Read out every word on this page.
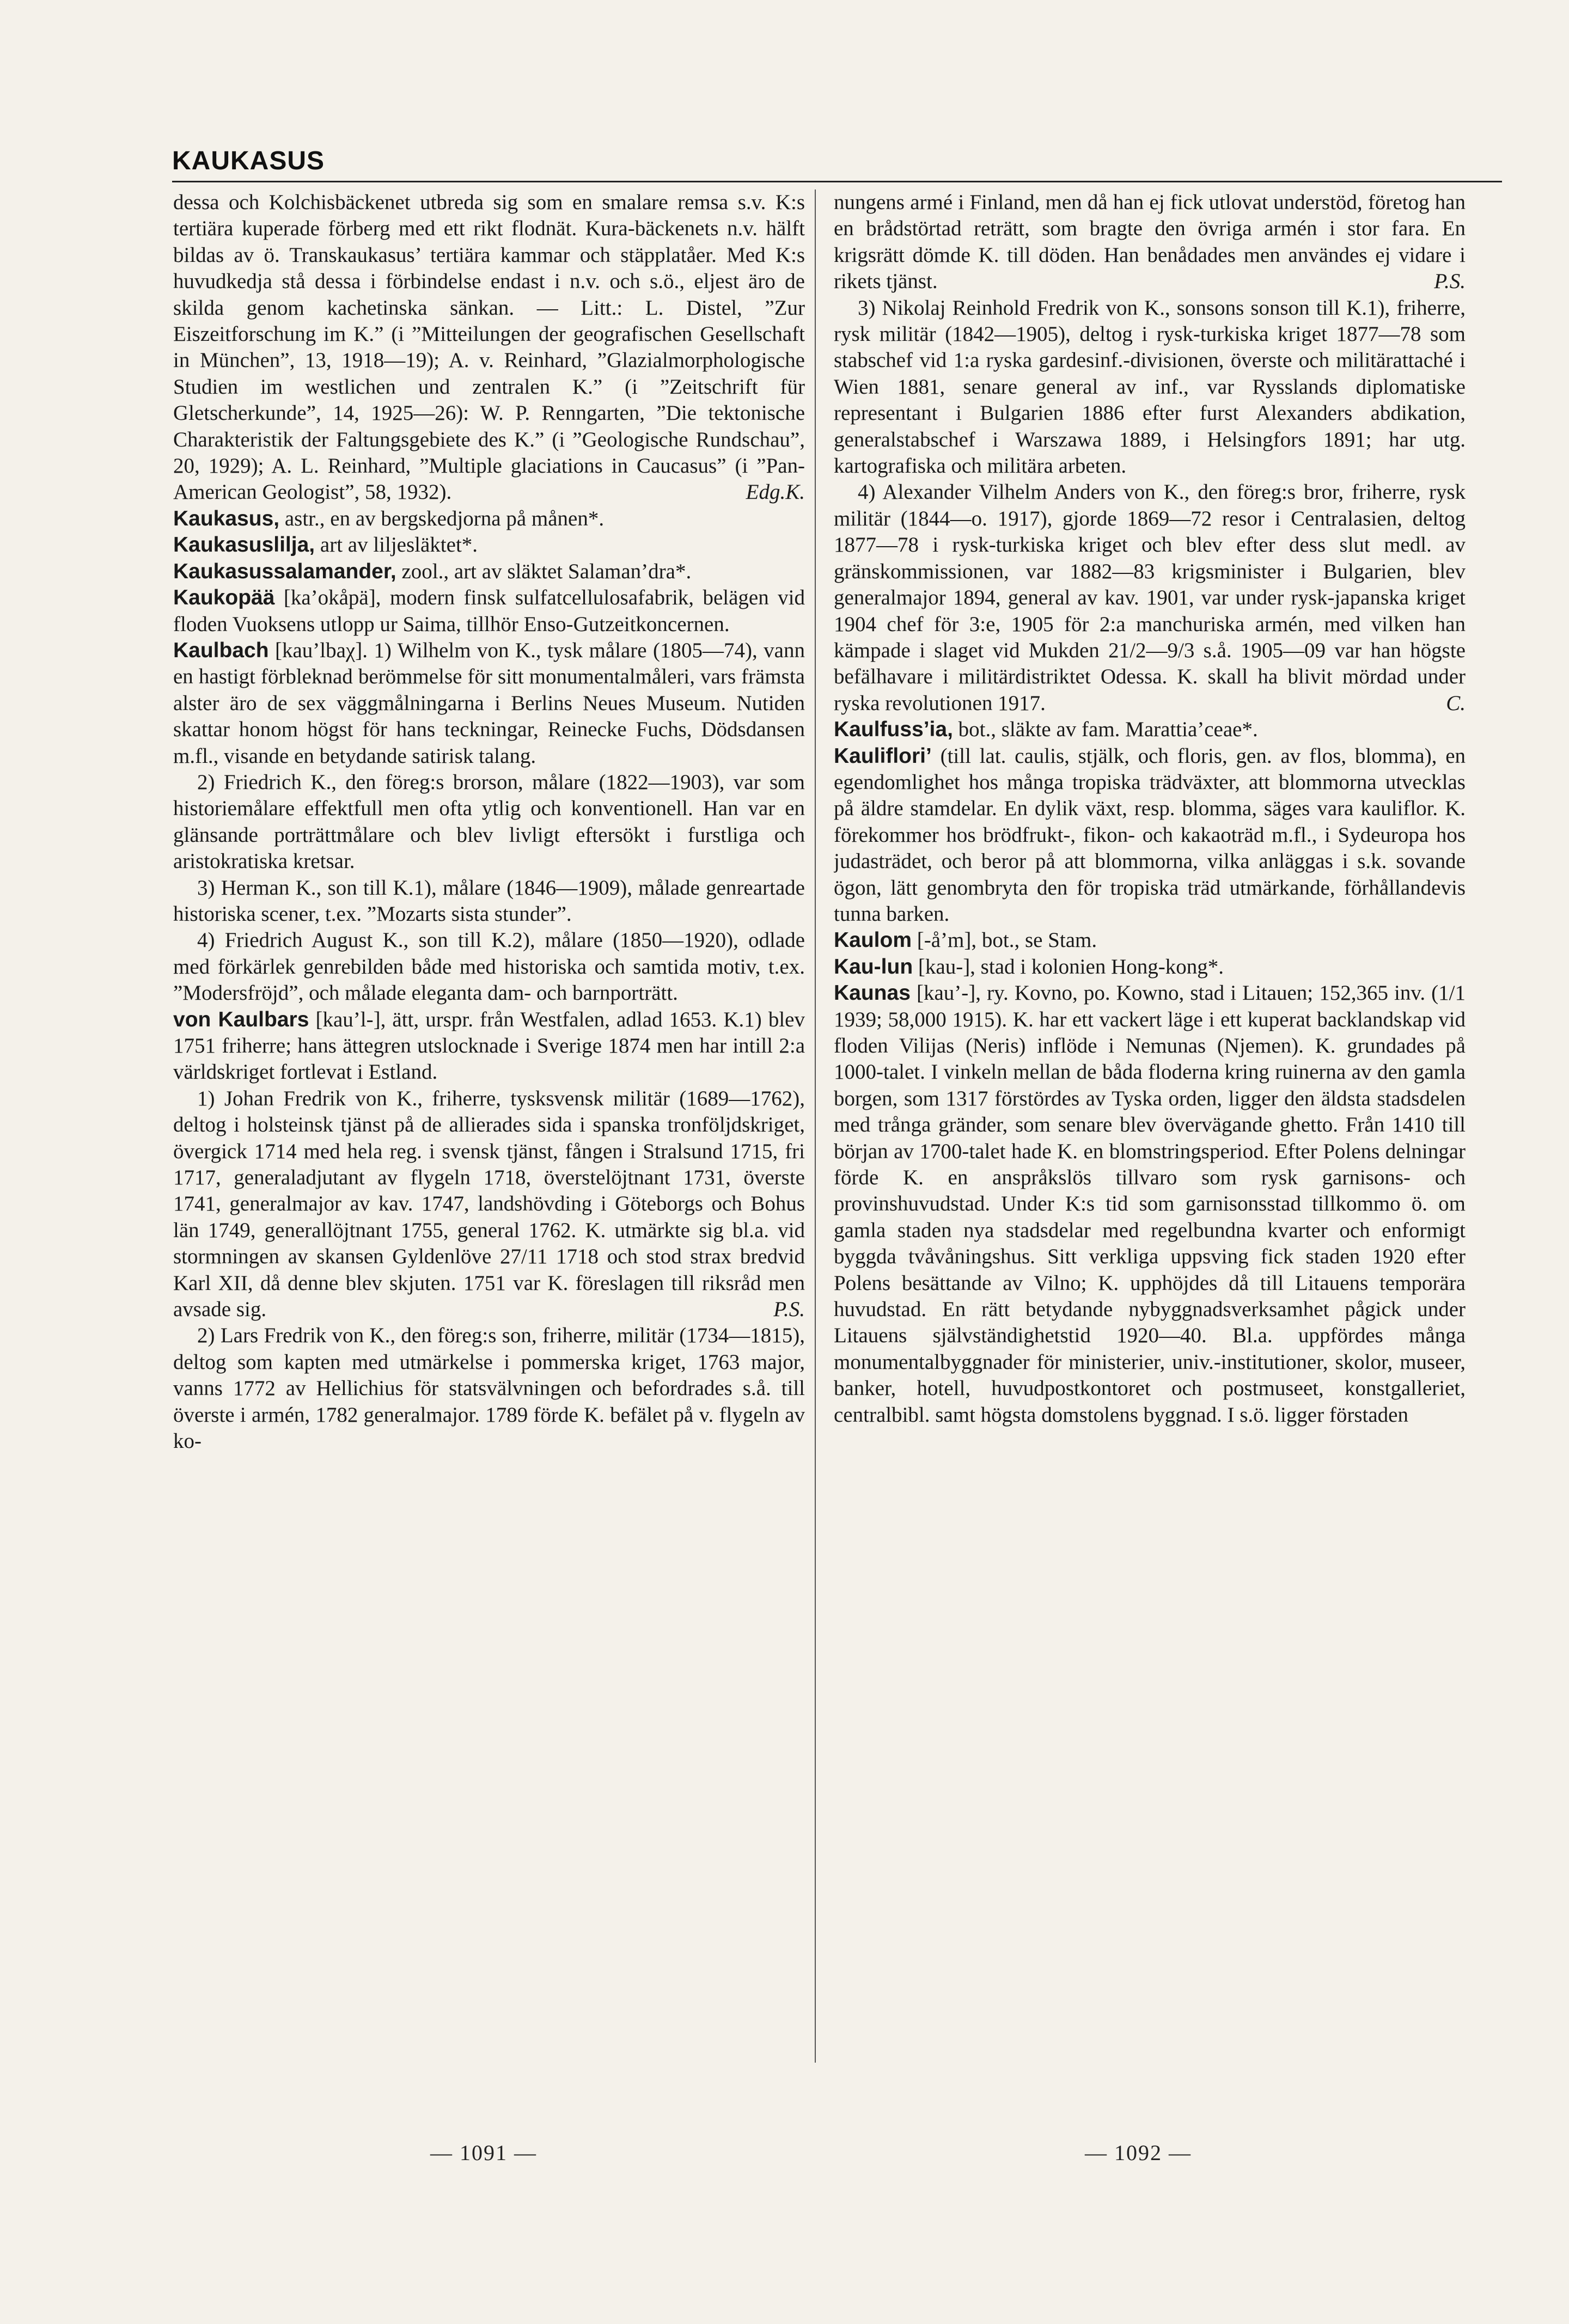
KAUKASUS

dessa och Kolchisbäckenet utbreda sig som en smalare remsa s.v. K:s tertiära kuperade förberg med ett rikt flodnät. Kura-bäckenets n.v. hälft bildas av ö. Transkaukasus’ tertiära kammar och stäpplatåer. Med K:s huvudkedja stå dessa i förbindelse endast i n.v. och s.ö., eljest äro de skilda genom kachetinska sänkan. — Litt.: L. Distel, ”Zur Eiszeitforschung im K.” (i ”Mitteilungen der geografischen Gesellschaft in München”, 13, 1918—19); A. v. Reinhard, ”Glazialmorphologische Studien im westlichen und zentralen K.” (i ”Zeitschrift für Gletscherkunde”, 14, 1925—26): W. P. Renngarten, ”Die tektonische Charakteristik der Faltungsgebiete des K.” (i ”Geologische Rundschau”, 20, 1929); A. L. Reinhard, ”Multiple glaciations in Caucasus” (i ”Pan-American Geologist”, 58, 1932).	Edg.K.

Kaukasus, astr., en av bergskedjorna på månen*.

Kaukasuslilja, art av liljesläktet*.

Kaukasussalamander, zool., art av släktet Salaman’dra*.

Kaukopää [ka’okåpä], modern finsk sulfatcellulosafabrik, belägen vid floden Vuoksens utlopp ur Saima, tillhör Enso-Gutzeitkoncernen.

Kaulbach [kau’lbaχ]. 1) Wilhelm von K., tysk målare (1805—74), vann en hastigt förbleknad berömmelse för sitt monumentalmåleri, vars främsta alster äro de sex väggmålningarna i Berlins Neues Museum. Nutiden skattar honom högst för hans teckningar, Reinecke Fuchs, Dödsdansen m.fl., visande en betydande satirisk talang.

2) Friedrich K., den föreg:s brorson, målare (1822—1903), var som historiemålare effektfull men ofta ytlig och konventionell. Han var en glänsande porträttmålare och blev livligt eftersökt i furstliga och aristokratiska kretsar.

3) Herman K., son till K.1), målare (1846—1909), målade genreartade historiska scener, t.ex. ”Mozarts sista stunder”.

4) Friedrich August K., son till K.2), målare (1850—1920), odlade med förkärlek genrebilden både med historiska och samtida motiv, t.ex. ”Modersfröjd”, och målade eleganta dam- och barnporträtt.

von Kaulbars [kau’l-], ätt, urspr. från Westfalen, adlad 1653. K.1) blev 1751 friherre; hans ättegren utslocknade i Sverige 1874 men har intill 2:a världskriget fortlevat i Estland.

1) Johan Fredrik von K., friherre, tysksvensk militär (1689—1762), deltog i holsteinsk tjänst på de allierades sida i spanska tronföljdskriget, övergick 1714 med hela reg. i svensk tjänst, fången i Stralsund 1715, fri 1717, generaladjutant av flygeln 1718, överstelöjtnant 1731, överste 1741, generalmajor av kav. 1747, landshövding i Göteborgs och Bohus län 1749, generallöjtnant 1755, general 1762. K. utmärkte sig bl.a. vid stormningen av skansen Gyldenlöve 27/11 1718 och stod strax bredvid Karl XII, då denne blev skjuten. 1751 var K. föreslagen till riksråd men avsade sig.	P.S.

2) Lars Fredrik von K., den föreg:s son, friherre, militär (1734—1815), deltog som kapten med utmärkelse i pommerska kriget, 1763 major, vanns 1772 av Hellichius för statsvälvningen och befordrades s.å. till överste i armén, 1782 generalmajor. 1789 förde K. befälet på v. flygeln av ko-

nungens armé i Finland, men då han ej fick utlovat understöd, företog han en brådstörtad reträtt, som bragte den övriga armén i stor fara. En krigsrätt dömde K. till döden. Han benådades men användes ej vidare i rikets tjänst.	P.S.

3) Nikolaj Reinhold Fredrik von K., sonsons sonson till K.1), friherre, rysk militär (1842—1905), deltog i rysk-turkiska kriget 1877—78 som stabschef vid 1:a ryska gardesinf.-divisionen, överste och militärattaché i Wien 1881, senare general av inf., var Rysslands diplomatiske representant i Bulgarien 1886 efter furst Alexanders abdikation, generalstabschef i Warszawa 1889, i Helsingfors 1891; har utg. kartografiska och militära arbeten.

4) Alexander Vilhelm Anders von K., den föreg:s bror, friherre, rysk militär (1844—o. 1917), gjorde 1869—72 resor i Centralasien, deltog 1877—78 i rysk-turkiska kriget och blev efter dess slut medl. av gränskommissionen, var 1882—83 krigsminister i Bulgarien, blev generalmajor 1894, general av kav. 1901, var under rysk-japanska kriget 1904 chef för 3:e, 1905 för 2:a manchuriska armén, med vilken han kämpade i slaget vid Mukden 21/2—9/3 s.å. 1905—09 var han högste befälhavare i militärdistriktet Odessa. K. skall ha blivit mördad under ryska revolutionen 1917.	C.

Kaulfuss’ia, bot., släkte av fam. Marattia’ceae*.

Kauliflori’ (till lat. caulis, stjälk, och floris, gen. av flos, blomma), en egendomlighet hos många tropiska trädväxter, att blommorna utvecklas på äldre stamdelar. En dylik växt, resp. blomma, säges vara kauliflor. K. förekommer hos brödfrukt-, fikon- och kakaoträd m.fl., i Sydeuropa hos judasträdet, och beror på att blommorna, vilka anläggas i s.k. sovande ögon, lätt genombryta den för tropiska träd utmärkande, förhållandevis tunna barken.

Kaulom [-å’m], bot., se Stam.

Kau-lun [kau-], stad i kolonien Hong-kong*.

Kaunas [kau’-], ry. Kovno, po. Kowno, stad i Litauen; 152,365 inv. (1/1 1939; 58,000 1915). K. har ett vackert läge i ett kuperat backlandskap vid floden Vilijas (Neris) inflöde i Nemunas (Njemen). K. grundades på 1000-talet. I vinkeln mellan de båda floderna kring ruinerna av den gamla borgen, som 1317 förstördes av Tyska orden, ligger den äldsta stadsdelen med trånga gränder, som senare blev övervägande ghetto. Från 1410 till början av 1700-talet hade K. en blomstringsperiod. Efter Polens delningar förde K. en anspråkslös tillvaro som rysk garnisons- och provinshuvudstad. Under K:s tid som garnisonsstad tillkommo ö. om gamla staden nya stadsdelar med regelbundna kvarter och enformigt byggda tvåvåningshus. Sitt verkliga uppsving fick staden 1920 efter Polens besättande av Vilno; K. upphöjdes då till Litauens temporära huvudstad. En rätt betydande nybyggnadsverksamhet pågick under Litauens självständighetstid 1920—40. Bl.a. uppfördes många monumentalbyggnader för ministerier, univ.-institutioner, skolor, museer, banker, hotell, huvudpostkontoret och postmuseet, konstgalleriet, centralbibl. samt högsta domstolens byggnad. I s.ö. ligger förstaden

— 1091 —	— 1092 —
